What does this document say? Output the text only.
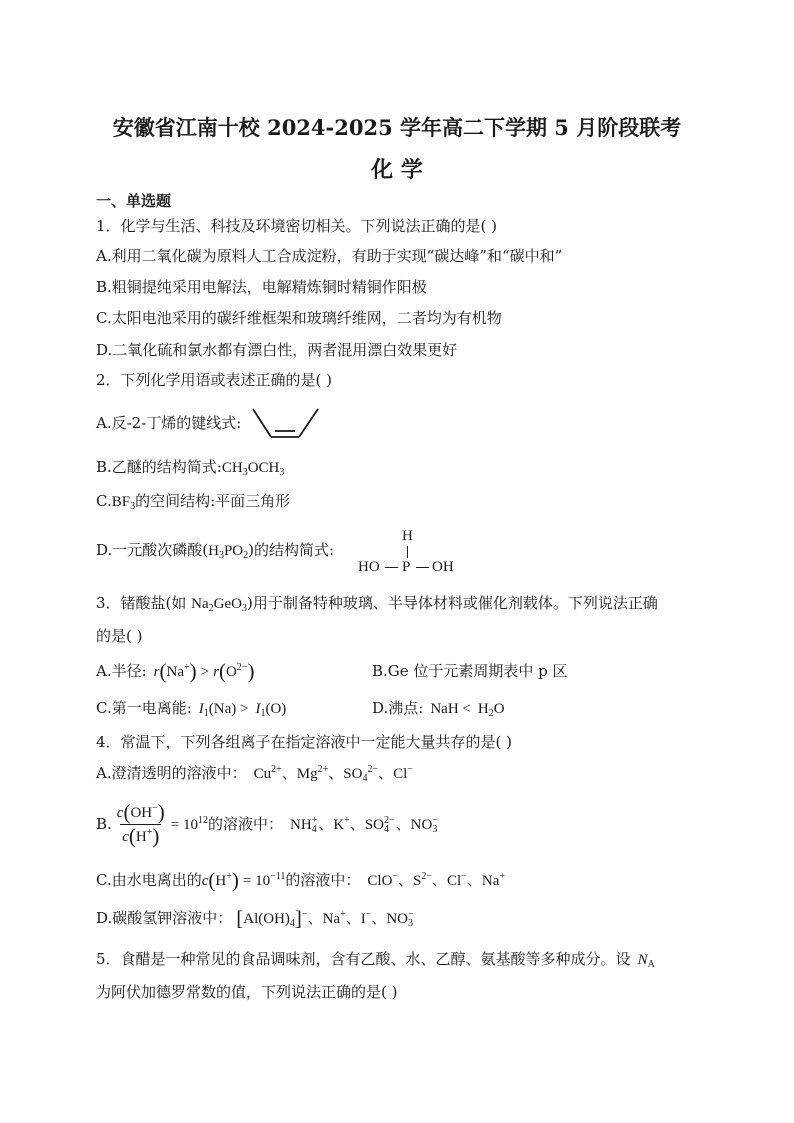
安徽省江南十校 2024-2025 学年高二下学期 5 月阶段联考
化 学
一、单选题
1．化学与生活、科技及环境密切相关。下列说法正确的是( )
A.利用二氧化碳为原料人工合成淀粉，有助于实现“碳达峰”和“碳中和”
B.粗铜提纯采用电解法，电解精炼铜时精铜作阳极
C.太阳电池采用的碳纤维框架和玻璃纤维网，二者均为有机物
D.二氧化硫和氯水都有漂白性，两者混用漂白效果更好
2．下列化学用语或表述正确的是( )
A.反-2-丁烯的键线式:
B.乙醚的结构简式$:CH_3OCH_3$
$C.BF_3$的空间结构:平面三角形
D.一元酸次磷酸$(H_3PO_2)$的结构简式:
H
HO P OH
3．锗酸盐(如 $Na_2GeO_3$)用于制备特种玻璃、半导体材料或催化剂载体。下列说法正确
的是( )
A.半径: $r(Na^+) > r(O^{2-})$	B.Ge 位于元素周期表中 p 区
C.第一电离能: $I_1(Na) > I_1(O)$	D.沸点: NaH < $H_2O$
4．常温下，下列各组离子在指定溶液中一定能大量共存的是( )
A.澄清透明的溶液中： $Cu^{2+}$、$Mg^{2+}$、$SO_4^{2-}$、Cl−
B. $\frac{c(OH^-)}{c(H^+)} = 10^{12}$的溶液中： NH +
4 、K+、SO 2−
4 、NO −
3
C.由水电离出的$c(H^+) = 10^{-11}$的溶液中： ClO−、$S^{2-}$、Cl−、Na+
D.碳酸氢钾溶液中： $[Al(OH)_4]^-$、Na+、I−、NO −
3
5．食醋是一种常见的食品调味剂，含有乙酸、水、乙醇、氨基酸等多种成分。设 $N_A$
为阿伏加德罗常数的值，下列说法正确的是( )
